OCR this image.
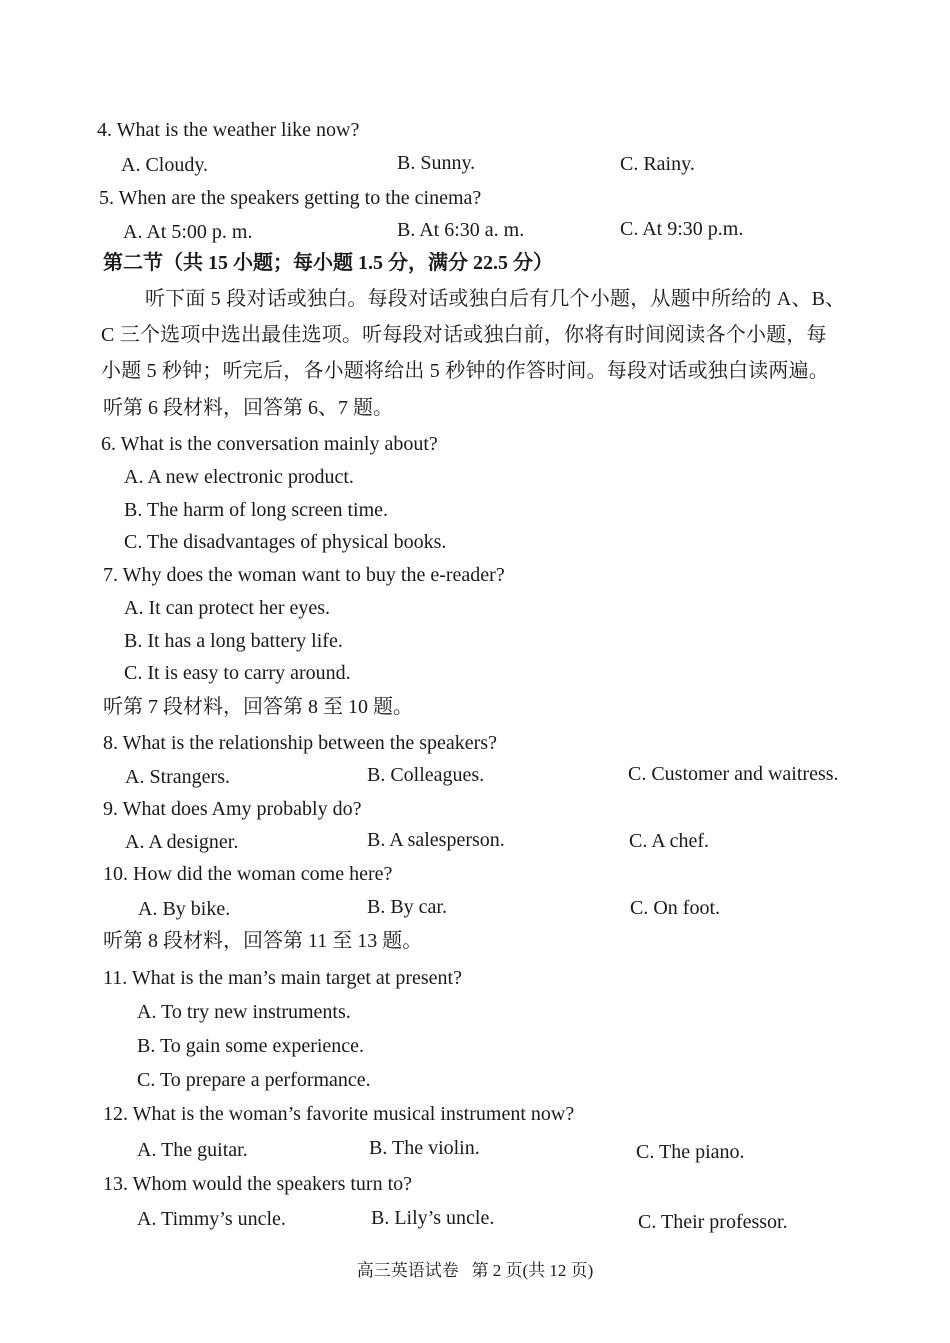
4. What is the weather like now?
A. Cloudy.	B. Sunny.	C. Rainy.
5. When are the speakers getting to the cinema?
A. At 5:00 p. m.	B. At 6:30 a. m.	C. At 9:30 p.m.
第二节（共 15 小题；每小题 1.5 分，满分 22.5 分）
听下面 5 段对话或独白。每段对话或独白后有几个小题，从题中所给的 A、B、
C 三个选项中选出最佳选项。听每段对话或独白前，你将有时间阅读各个小题，每
小题 5 秒钟；听完后，各小题将给出 5 秒钟的作答时间。每段对话或独白读两遍。
听第 6 段材料，回答第 6、7 题。
6. What is the conversation mainly about?
A. A new electronic product.
B. The harm of long screen time.
C. The disadvantages of physical books.
7. Why does the woman want to buy the e-reader?
A. It can protect her eyes.
B. It has a long battery life.
C. It is easy to carry around.
听第 7 段材料，回答第 8 至 10 题。
8. What is the relationship between the speakers?
A. Strangers.	B. Colleagues.	C. Customer and waitress.
9. What does Amy probably do?
A. A designer.	B. A salesperson.	C. A chef.
10. How did the woman come here?
A. By bike.	B. By car.	C. On foot.
听第 8 段材料，回答第 11 至 13 题。
11. What is the man’s main target at present?
A. To try new instruments.
B. To gain some experience.
C. To prepare a performance.
12. What is the woman’s favorite musical instrument now?
A. The guitar.	B. The violin.	C. The piano.
13. Whom would the speakers turn to?
A. Timmy’s uncle.	B. Lily’s uncle.	C. Their professor.
高三英语试卷   第 2 页(共 12 页)
